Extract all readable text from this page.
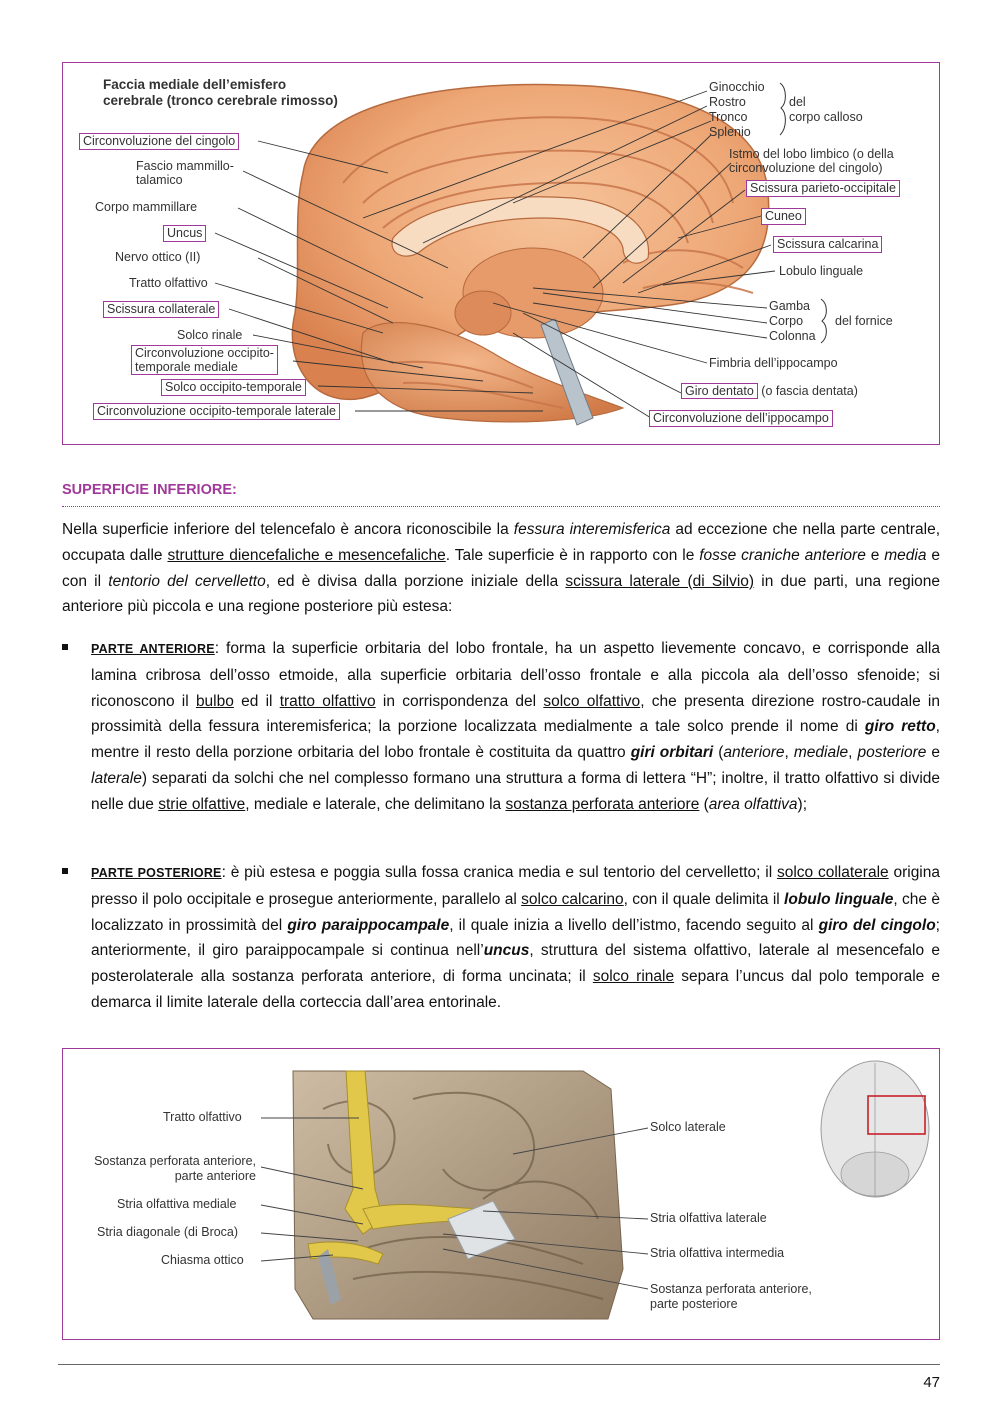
Faccia mediale dell’emisfero
cerebrale (tronco cerebrale rimosso)
Circonvoluzione del cingolo
Fascio mammillo-
talamico
Corpo mammillare
Uncus
Nervo ottico (II)
Tratto olfattivo
Scissura collaterale
Solco rinale
Circonvoluzione occipito-
temporale mediale
Solco occipito-temporale
Circonvoluzione occipito-temporale laterale
Ginocchio
Rostro
Tronco
Splenio
del
corpo calloso
Istmo del lobo limbico (o della
circonvoluzione del cingolo)
Scissura parieto-occipitale
Cuneo
Scissura calcarina
Lobulo linguale
Gamba
Corpo
Colonna
del fornice
Fimbria dell’ippocampo
Giro dentato (o fascia dentata)
Circonvoluzione dell’ippocampo
SUPERFICIE INFERIORE:
Nella superficie inferiore del telencefalo è ancora riconoscibile la fessura interemisferica ad eccezione che nella parte centrale, occupata dalle strutture diencefaliche e mesencefaliche. Tale superficie è in rapporto con le fosse craniche anteriore e media e con il tentorio del cervelletto, ed è divisa dalla porzione iniziale della scissura laterale (di Silvio) in due parti, una regione anteriore più piccola e una regione posteriore più estesa:
PARTE ANTERIORE: forma la superficie orbitaria del lobo frontale, ha un aspetto lievemente concavo, e corrisponde alla lamina cribrosa dell’osso etmoide, alla superficie orbitaria dell’osso frontale e alla piccola ala dell’osso sfenoide; si riconoscono il bulbo ed il tratto olfattivo in corrispondenza del solco olfattivo, che presenta direzione rostro-caudale in prossimità della fessura interemisferica; la porzione localizzata medialmente a tale solco prende il nome di giro retto, mentre il resto della porzione orbitaria del lobo frontale è costituita da quattro giri orbitari (anteriore, mediale, posteriore e laterale) separati da solchi che nel complesso formano una struttura a forma di lettera “H”; inoltre, il tratto olfattivo si divide nelle due strie olfattive, mediale e laterale, che delimitano la sostanza perforata anteriore (area olfattiva);
PARTE POSTERIORE: è più estesa e poggia sulla fossa cranica media e sul tentorio del cervelletto; il solco collaterale origina presso il polo occipitale e prosegue anteriormente, parallelo al solco calcarino, con il quale delimita il lobulo linguale, che è localizzato in prossimità del giro paraippocampale, il quale inizia a livello dell’istmo, facendo seguito al giro del cingolo; anteriormente, il giro paraippocampale si continua nell’uncus, struttura del sistema olfattivo, laterale al mesencefalo e posterolaterale alla sostanza perforata anteriore, di forma uncinata; il solco rinale separa l’uncus dal polo temporale e demarca il limite laterale della corteccia dall’area entorinale.
Tratto olfattivo
Sostanza perforata anteriore,
parte anteriore
Stria olfattiva mediale
Stria diagonale (di Broca)
Chiasma ottico
Solco laterale
Stria olfattiva laterale
Stria olfattiva intermedia
Sostanza perforata anteriore,
parte posteriore
47
